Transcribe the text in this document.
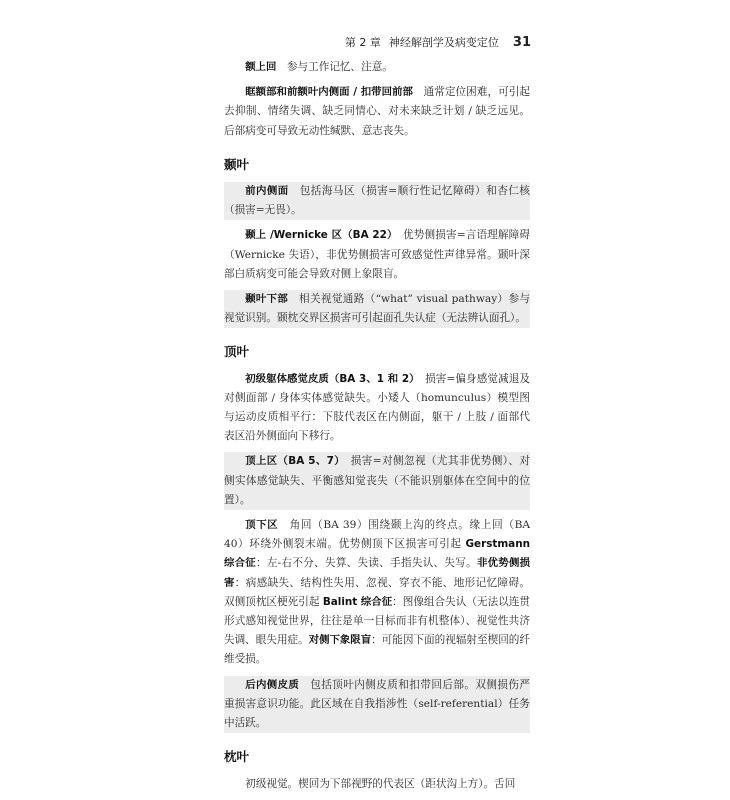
第 2 章 神经解剖学及病变定位 31

额上回　参与工作记忆、注意。

眶额部和前额叶内侧面 / 扣带回前部　通常定位困难，可引起去抑制、情绪失调、缺乏同情心、对未来缺乏计划 / 缺乏远见。后部病变可导致无动性缄默、意志丧失。

颞叶

前内侧面　包括海马区（损害=顺行性记忆障碍）和杏仁核（损害=无畏）。

颞上 /Wernicke 区（BA 22）　优势侧损害=言语理解障碍（Wernicke 失语），非优势侧损害可致感觉性声律异常。颞叶深部白质病变可能会导致对侧上象限盲。

颞叶下部　相关视觉通路（“what” visual pathway）参与视觉识别。颞枕交界区损害可引起面孔失认症（无法辨认面孔）。

顶叶

初级躯体感觉皮质（BA 3、1 和 2）　损害=偏身感觉减退及对侧面部 / 身体实体感觉缺失。小矮人（homunculus）模型图与运动皮质相平行：下肢代表区在内侧面，躯干 / 上肢 / 面部代表区沿外侧面向下移行。

顶上区（BA 5、7）　损害=对侧忽视（尤其非优势侧）、对侧实体感觉缺失、平衡感知觉丧失（不能识别躯体在空间中的位置）。

顶下区　角回（BA 39）围绕颞上沟的终点。缘上回（BA 40）环绕外侧裂末端。优势侧顶下区损害可引起 Gerstmann 综合征：左-右不分、失算、失读、手指失认、失写。非优势侧损害：病感缺失、结构性失用、忽视、穿衣不能、地形记忆障碍。双侧顶枕区梗死引起 Balint 综合征：图像组合失认（无法以连贯形式感知视觉世界，往往是单一目标而非有机整体）、视觉性共济失调、眼失用症。对侧下象限盲：可能因下面的视辐射至楔回的纤维受损。

后内侧皮质　包括顶叶内侧皮质和扣带回后部。双侧损伤严重损害意识功能。此区域在自我指涉性（self-referential）任务中活跃。

枕叶

初级视觉。楔回为下部视野的代表区（距状沟上方）。舌回
